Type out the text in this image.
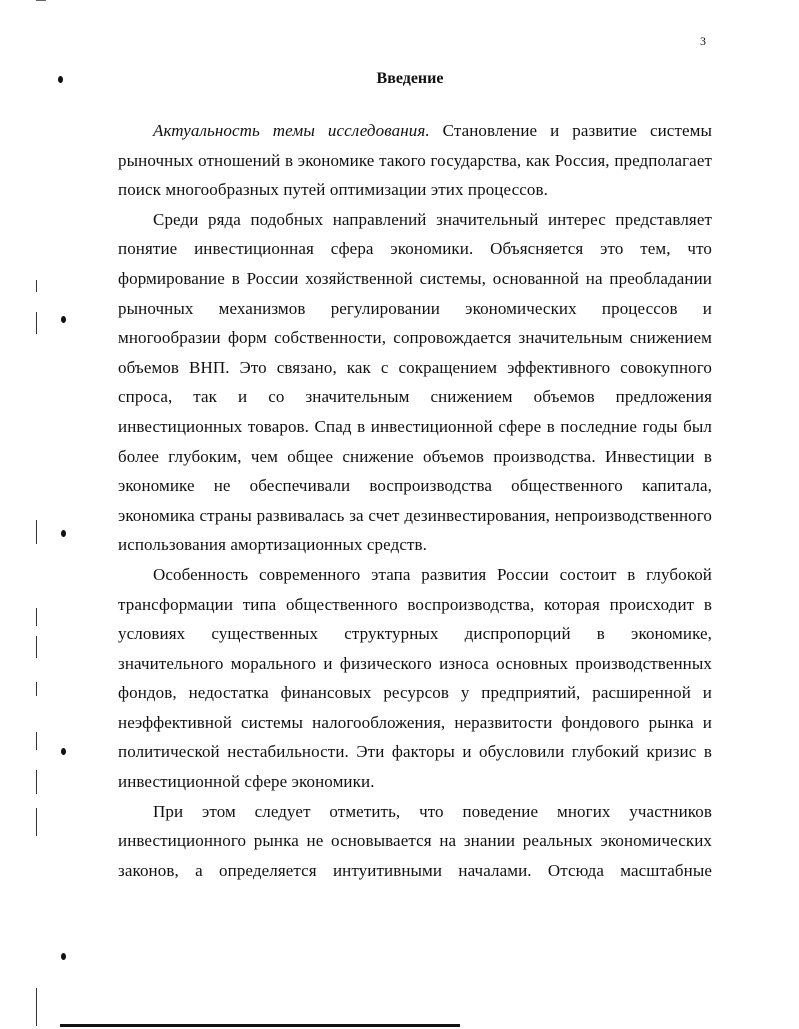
3
Введение

Актуальность темы исследования. Становление и развитие системы рыночных отношений в экономике такого государства, как Россия, предполагает поиск многообразных путей оптимизации этих процессов.

Среди ряда подобных направлений значительный интерес представляет понятие инвестиционная сфера экономики. Объясняется это тем, что формирование в России хозяйственной системы, основанной на преобладании рыночных механизмов регулировании экономических процессов и многообразии форм собственности, сопровождается значительным снижением объемов ВНП. Это связано, как с сокращением эффективного совокупного спроса, так и со значительным снижением объемов предложения инвестиционных товаров. Спад в инвестиционной сфере в последние годы был более глубоким, чем общее снижение объемов производства. Инвестиции в экономике не обеспечивали воспроизводства общественного капитала, экономика страны развивалась за счет дезинвестирования, непроизводственного использования амортизационных средств.

Особенность современного этапа развития России состоит в глубокой трансформации типа общественного воспроизводства, которая происходит в условиях существенных структурных диспропорций в экономике, значительного морального и физического износа основных производственных фондов, недостатка финансовых ресурсов у предприятий, расширенной и неэффективной системы налогообложения, неразвитости фондового рынка и политической нестабильности. Эти факторы и обусловили глубокий кризис в инвестиционной сфере экономики.

При этом следует отметить, что поведение многих участников инвестиционного рынка не основывается на знании реальных экономических законов, а определяется интуитивными началами. Отсюда масштабные
